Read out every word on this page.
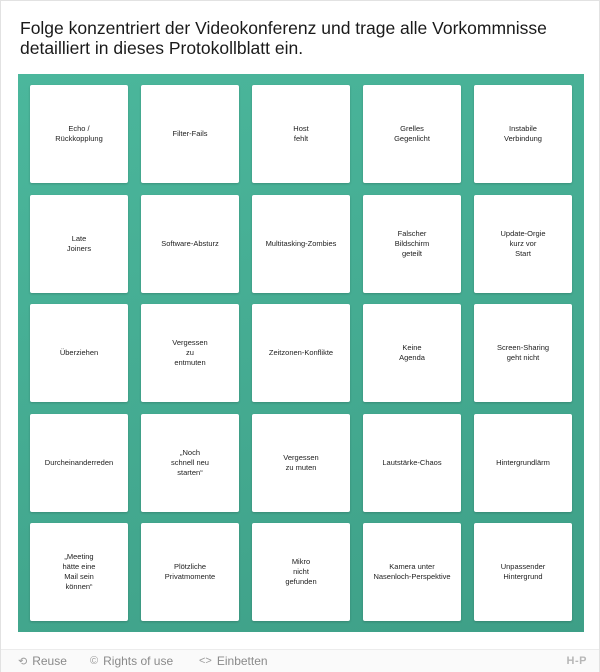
Folge konzentriert der Videokonferenz und trage alle Vorkommnisse detailliert in dieses Protokollblatt ein.
Echo /
Rückkopplung
Filter-Fails
Host
fehlt
Grelles
Gegenlicht
Instabile
Verbindung
Late
Joiners
Software-Absturz	Multitasking-Zombies
Falscher
Bildschirm
geteilt
Update-Orgie
kurz vor
Start
Überziehen
Vergessen
zu
entmuten
Zeitzonen-Konflikte
Keine
Agenda
Screen-Sharing
geht nicht
Durcheinanderreden
„Noch
schnell neu
starten“
Vergessen
zu muten
Lautstärke-Chaos	Hintergrundlärm
„Meeting
hätte eine
Mail sein
können“
Plötzliche
Privatmomente
Mikro
nicht
gefunden
Kamera unter
Nasenloch-Perspektive
Unpassender
Hintergrund
⟲ Reuse © Rights of use <> Einbetten	H-P
